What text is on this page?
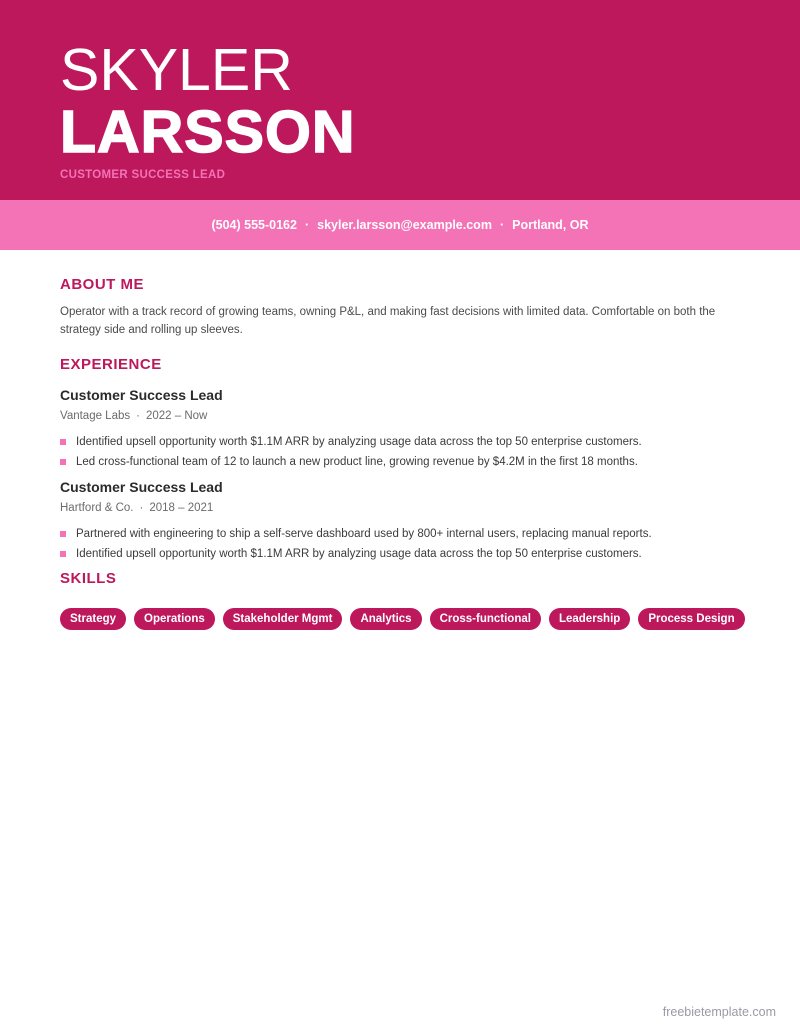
SKYLER
LARSSON
CUSTOMER SUCCESS LEAD
(504) 555-0162 · skyler.larsson@example.com · Portland, OR
ABOUT ME
Operator with a track record of growing teams, owning P&L, and making fast decisions with limited data. Comfortable on both the strategy side and rolling up sleeves.
EXPERIENCE
Customer Success Lead
Vantage Labs · 2022 – Now
Identified upsell opportunity worth $1.1M ARR by analyzing usage data across the top 50 enterprise customers.
Led cross-functional team of 12 to launch a new product line, growing revenue by $4.2M in the first 18 months.
Customer Success Lead
Hartford & Co. · 2018 – 2021
Partnered with engineering to ship a self-serve dashboard used by 800+ internal users, replacing manual reports.
Identified upsell opportunity worth $1.1M ARR by analyzing usage data across the top 50 enterprise customers.
SKILLS
Strategy	Operations	Stakeholder Mgmt	Analytics	Cross-functional	Leadership	Process Design
freebietemplate.com
